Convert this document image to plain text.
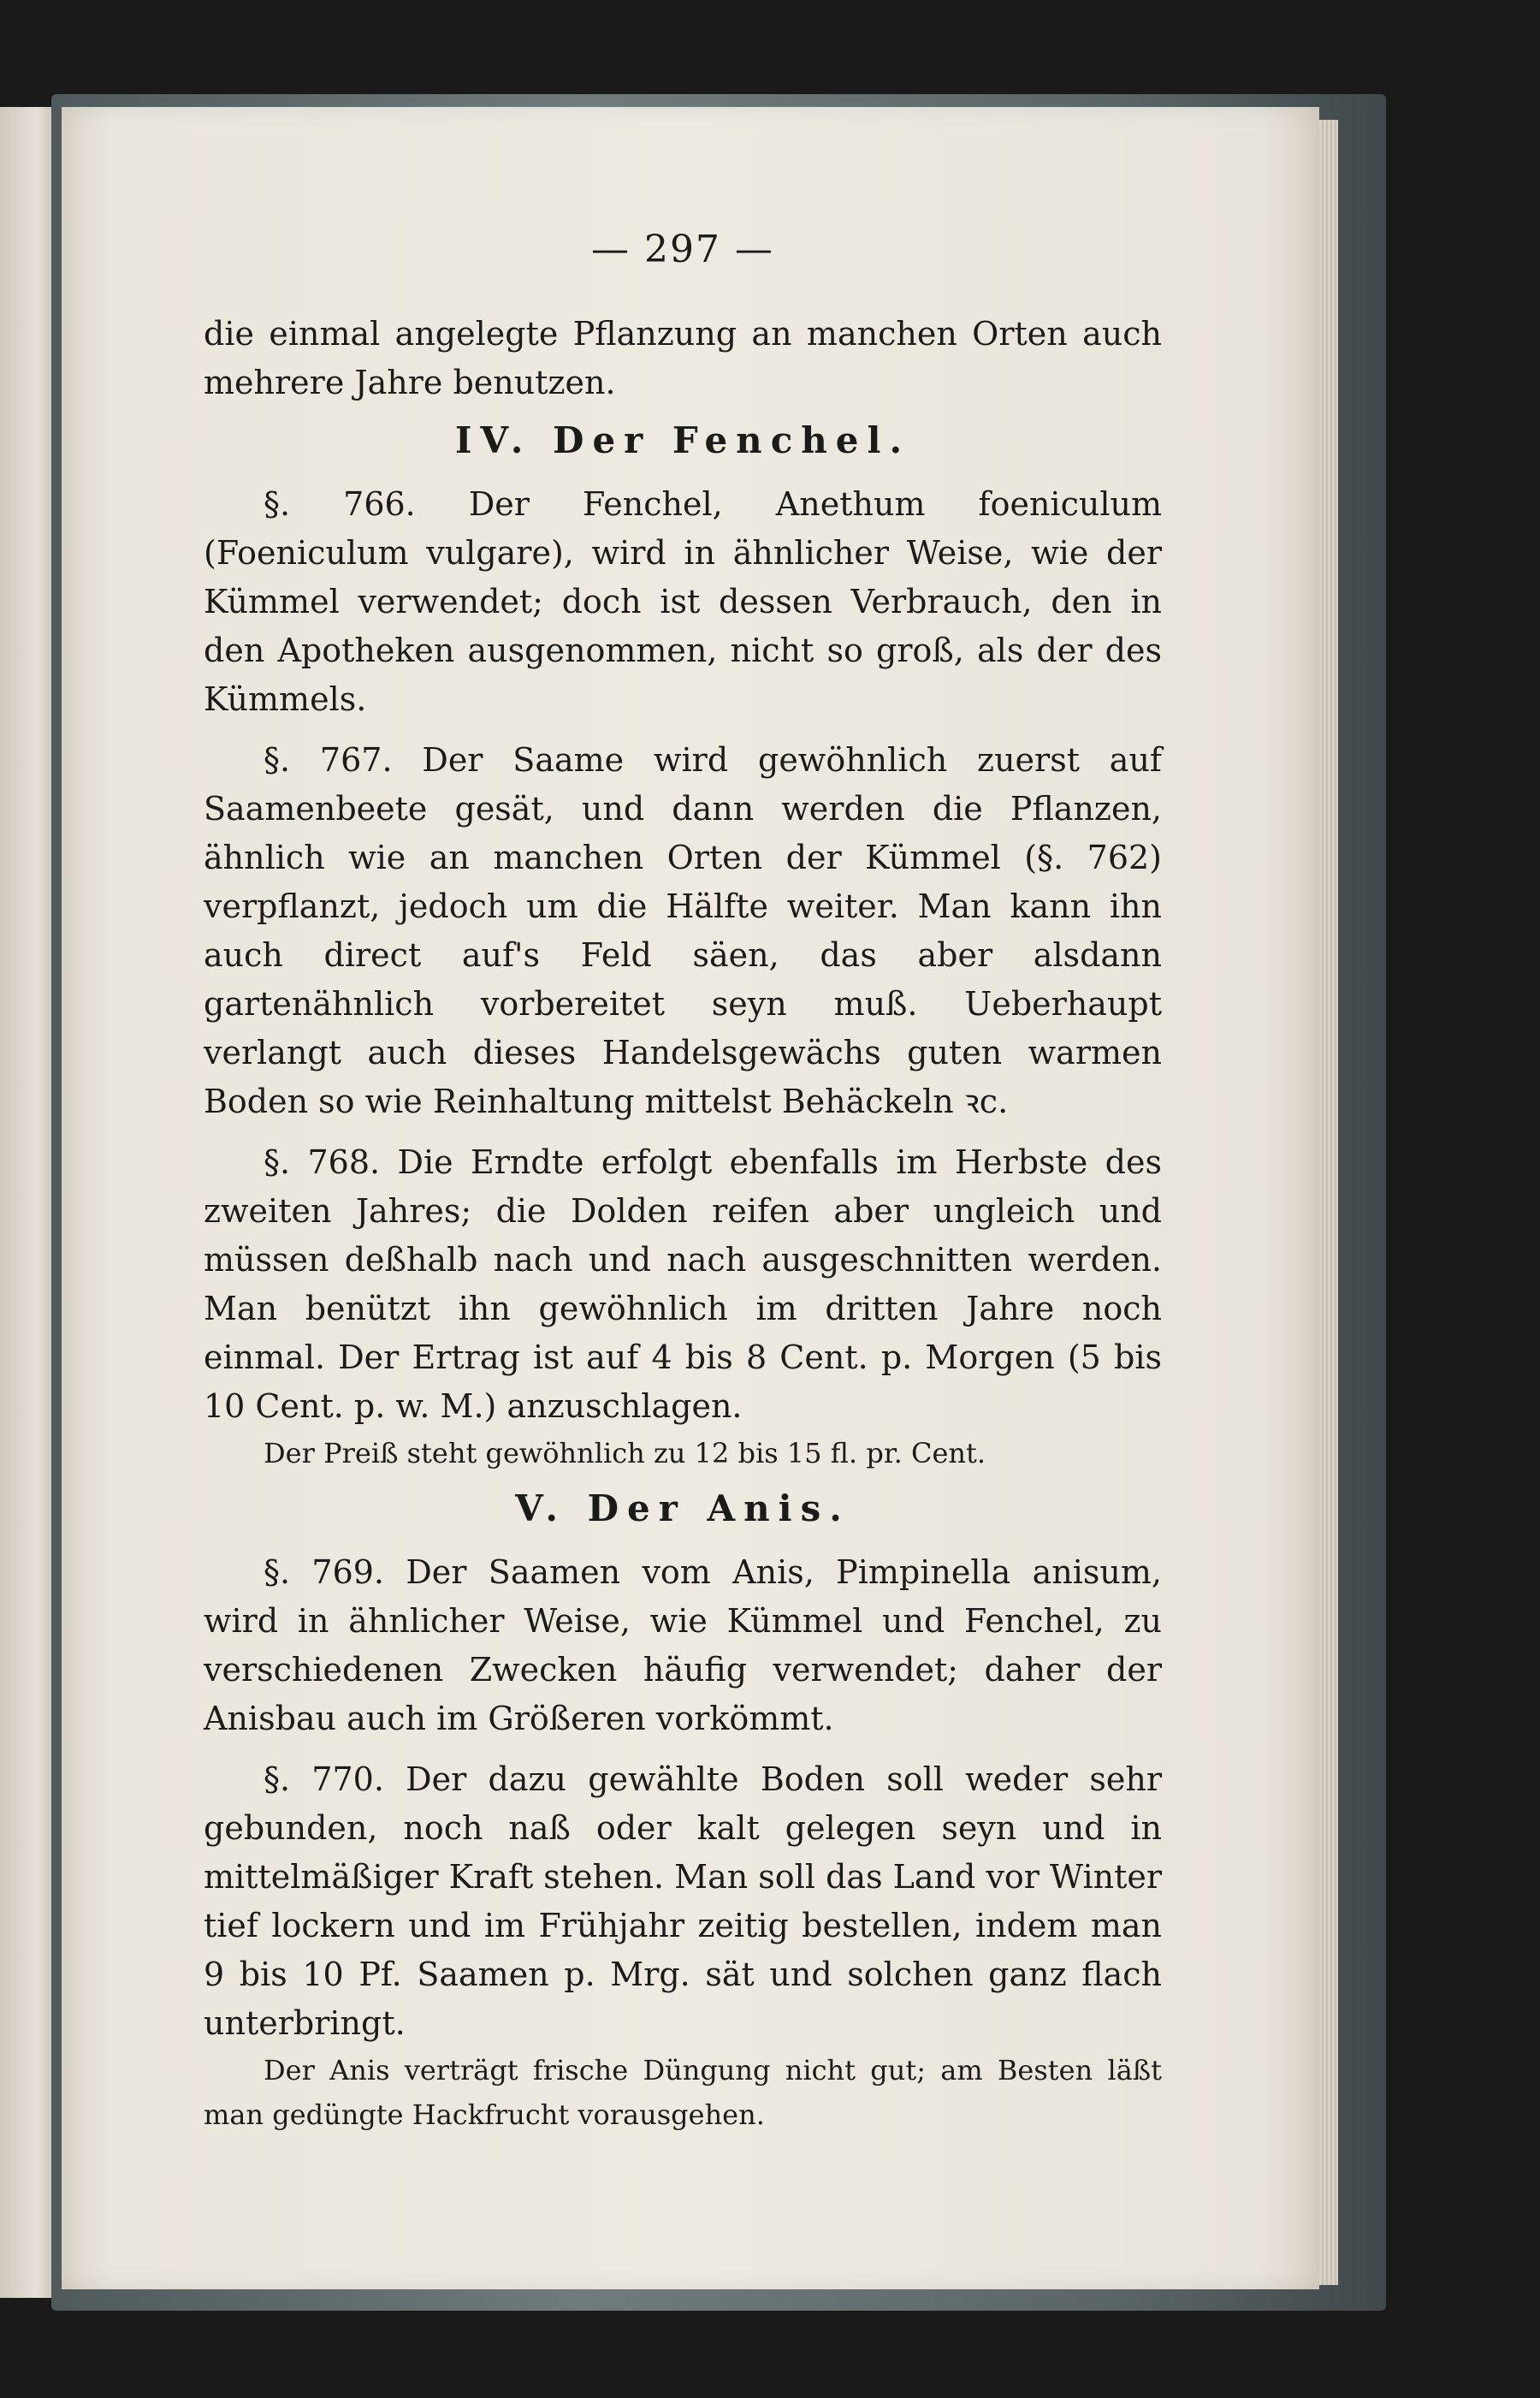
— 297 —

die einmal angelegte Pflanzung an manchen Orten auch mehrere Jahre benutzen.

IV. Der Fenchel.

§. 766. Der Fenchel, Anethum foeniculum (Foeniculum vulgare), wird in ähnlicher Weise, wie der Kümmel verwendet; doch ist dessen Verbrauch, den in den Apotheken ausgenommen, nicht so groß, als der des Kümmels.

§. 767. Der Saame wird gewöhnlich zuerst auf Saamenbeete gesät, und dann werden die Pflanzen, ähnlich wie an manchen Orten der Kümmel (§. 762) verpflanzt, jedoch um die Hälfte weiter. Man kann ihn auch direct auf's Feld säen, das aber alsdann gartenähnlich vorbereitet seyn muß. Ueberhaupt verlangt auch dieses Handelsgewächs guten warmen Boden so wie Reinhaltung mittelst Behäckeln ꝛc.

§. 768. Die Erndte erfolgt ebenfalls im Herbste des zweiten Jahres; die Dolden reifen aber ungleich und müssen deßhalb nach und nach ausgeschnitten werden. Man benützt ihn gewöhnlich im dritten Jahre noch einmal. Der Ertrag ist auf 4 bis 8 Cent. p. Morgen (5 bis 10 Cent. p. w. M.) anzuschlagen.

Der Preiß steht gewöhnlich zu 12 bis 15 fl. pr. Cent.

V. Der Anis.

§. 769. Der Saamen vom Anis, Pimpinella anisum, wird in ähnlicher Weise, wie Kümmel und Fenchel, zu verschiedenen Zwecken häufig verwendet; daher der Anisbau auch im Größeren vorkömmt.

§. 770. Der dazu gewählte Boden soll weder sehr gebunden, noch naß oder kalt gelegen seyn und in mittelmäßiger Kraft stehen. Man soll das Land vor Winter tief lockern und im Frühjahr zeitig bestellen, indem man 9 bis 10 Pf. Saamen p. Mrg. sät und solchen ganz flach unterbringt.

Der Anis verträgt frische Düngung nicht gut; am Besten läßt man gedüngte Hackfrucht vorausgehen.
